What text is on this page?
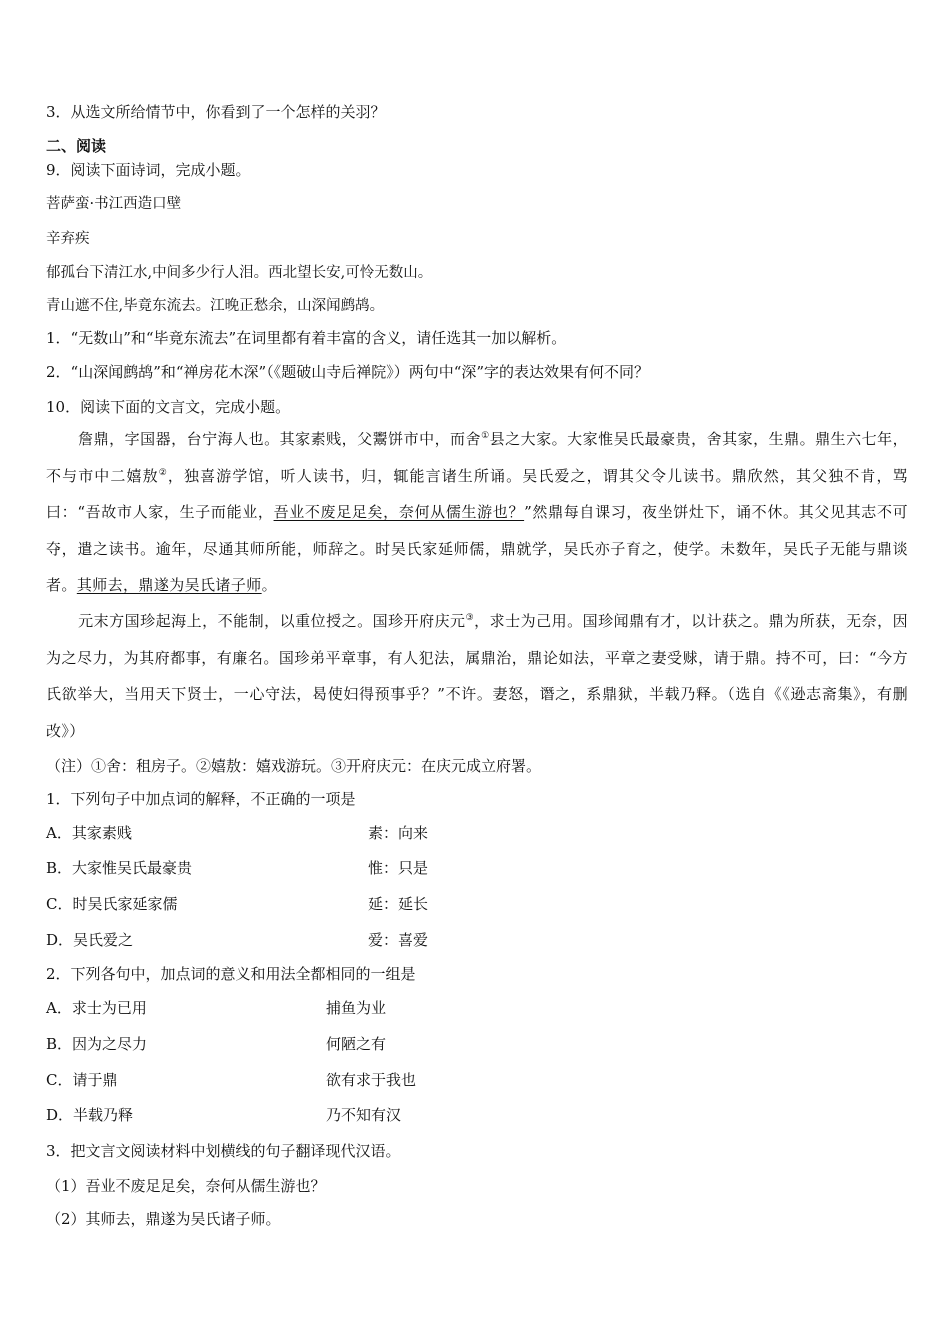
3．从选文所给情节中，你看到了一个怎样的关羽？
二、阅读
9．阅读下面诗词，完成小题。
菩萨蛮·书江西造口壁
辛弃疾
郁孤台下清江水,中间多少行人泪。西北望长安,可怜无数山。
青山遮不住,毕竟东流去。江晚正愁余，山深闻鹧鸪。
1．“无数山”和“毕竟东流去”在词里都有着丰富的含义，请任选其一加以解析。
2．“山深闻鹧鸪”和“禅房花木深”（《题破山寺后禅院》）两句中“深”字的表达效果有何不同？
10．阅读下面的文言文，完成小题。
詹鼎，字国器，台宁海人也。其家素贱，父鬻饼市中，而舍①县之大家。大家惟吴氏最豪贵，舍其家，生鼎。鼎生六七年，不与市中二嬉敖②，独喜游学馆，听人读书，归，辄能言诸生所诵。吴氏爱之，谓其父令儿读书。鼎欣然，其父独不肯，骂曰：“吾故市人家，生子而能业，吾业不废足足矣，奈何从儒生游也？”然鼎每自课习，夜坐饼灶下，诵不休。其父见其志不可夺，遣之读书。逾年，尽通其师所能，师辞之。时吴氏家延师儒，鼎就学，吴氏亦子育之，使学。未数年，吴氏子无能与鼎谈者。其师去，鼎遂为吴氏诸子师。
元末方国珍起海上，不能制，以重位授之。国珍开府庆元③，求士为己用。国珍闻鼎有才，以计获之。鼎为所获，无奈，因为之尽力，为其府都事，有廉名。国珍弟平章事，有人犯法，属鼎治，鼎论如法，平章之妻受赇，请于鼎。持不可，曰：“今方氏欲举大，当用天下贤士，一心守法，曷使妇得预事乎？”不许。妻怒，谮之，系鼎狱，半载乃释。（选自《《逊志斋集》，有删改》）
（注）①舍：租房子。②嬉敖：嬉戏游玩。③开府庆元：在庆元成立府署。
1．下列句子中加点词的解释，不正确的一项是
A．其家素贱	素：向来
B．大家惟吴氏最豪贵	惟：只是
C．时吴氏家延家儒	延：延长
D．吴氏爱之	爱：喜爱
2．下列各句中，加点词的意义和用法全都相同的一组是
A．求士为已用	捕鱼为业
B．因为之尽力	何陋之有
C．请于鼎	欲有求于我也
D．半载乃释	乃不知有汉
3．把文言文阅读材料中划横线的句子翻译现代汉语。
（1）吾业不废足足矣，奈何从儒生游也？
（2）其师去，鼎遂为吴氏诸子师。
